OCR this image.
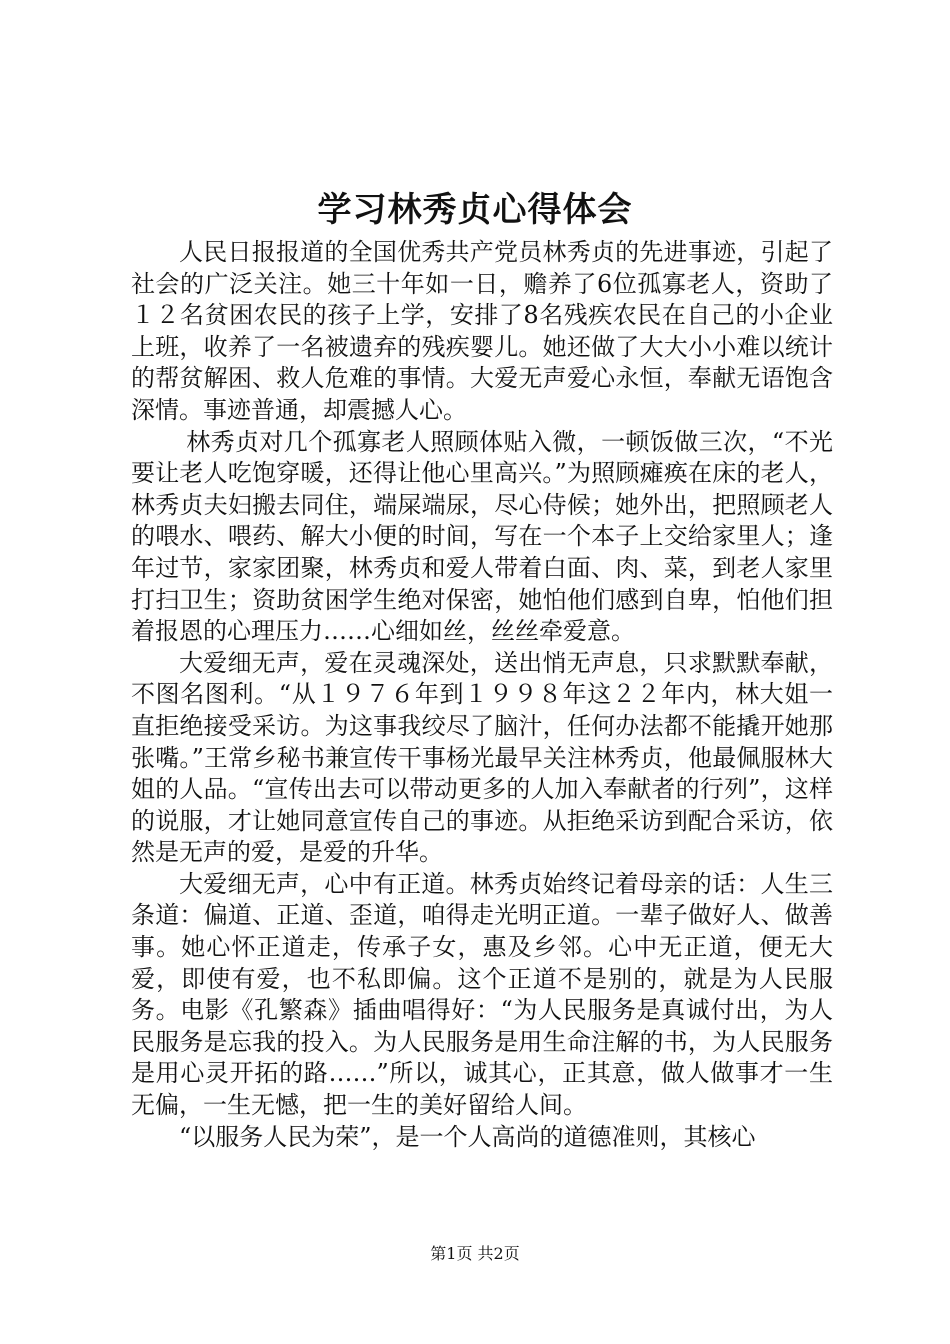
学习林秀贞心得体会

人民日报报道的全国优秀共产党员林秀贞的先进事迹，引起了社会的广泛关注。她三十年如一日，赡养了6位孤寡老人，资助了１２名贫困农民的孩子上学，安排了8名残疾农民在自己的小企业上班，收养了一名被遗弃的残疾婴儿。她还做了大大小小难以统计的帮贫解困、救人危难的事情。大爱无声爱心永恒，奉献无语饱含深情。事迹普通，却震撼人心。

林秀贞对几个孤寡老人照顾体贴入微，一顿饭做三次，“不光要让老人吃饱穿暖，还得让他心里高兴。”为照顾瘫痪在床的老人，林秀贞夫妇搬去同住，端屎端尿，尽心侍候；她外出，把照顾老人的喂水、喂药、解大小便的时间，写在一个本子上交给家里人；逢年过节，家家团聚，林秀贞和爱人带着白面、肉、菜，到老人家里打扫卫生；资助贫困学生绝对保密，她怕他们感到自卑，怕他们担着报恩的心理压力……心细如丝，丝丝牵爱意。

大爱细无声，爱在灵魂深处，送出悄无声息，只求默默奉献，不图名图利。“从１９７６年到１９９８年这２２年内，林大姐一直拒绝接受采访。为这事我绞尽了脑汁，任何办法都不能撬开她那张嘴。”王常乡秘书兼宣传干事杨光最早关注林秀贞，他最佩服林大姐的人品。“宣传出去可以带动更多的人加入奉献者的行列”，这样的说服，才让她同意宣传自己的事迹。从拒绝采访到配合采访，依然是无声的爱，是爱的升华。

大爱细无声，心中有正道。林秀贞始终记着母亲的话：人生三条道：偏道、正道、歪道，咱得走光明正道。一辈子做好人、做善事。她心怀正道走，传承子女，惠及乡邻。心中无正道，便无大爱，即使有爱，也不私即偏。这个正道不是别的，就是为人民服务。电影《孔繁森》插曲唱得好：“为人民服务是真诚付出，为人民服务是忘我的投入。为人民服务是用生命注解的书，为人民服务是用心灵开拓的路……”所以，诚其心，正其意，做人做事才一生无偏，一生无憾，把一生的美好留给人间。

“以服务人民为荣”，是一个人高尚的道德准则，其核心

第1页 共2页
